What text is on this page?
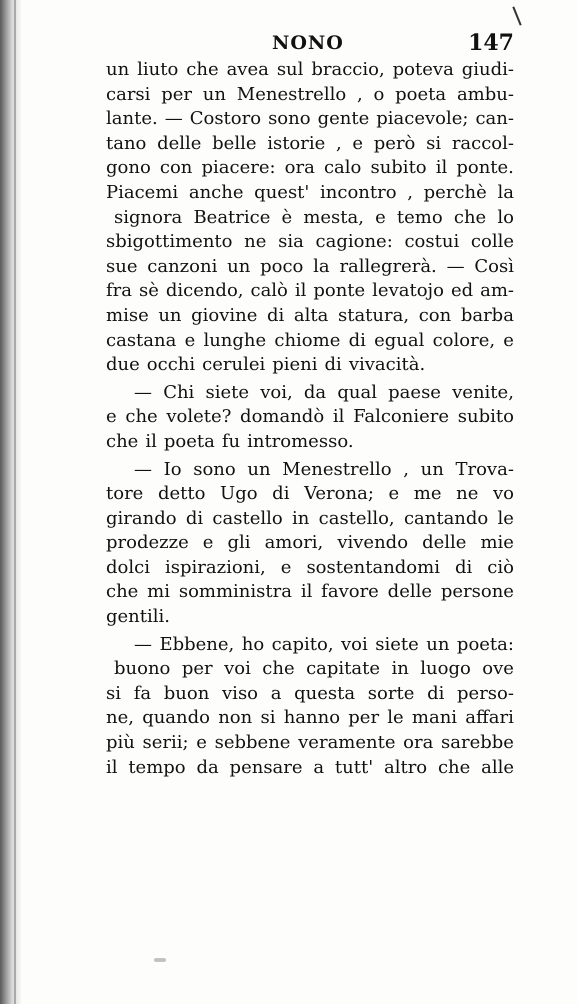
NONO	147
un liuto che avea sul braccio, poteva giudi-
carsi per un Menestrello , o poeta ambu-
lante. — Costoro sono gente piacevole; can-
tano delle belle istorie , e però si raccol-
gono con piacere: ora calo subito il ponte.
Piacemi anche quest' incontro , perchè la
signora Beatrice è mesta, e temo che lo
sbigottimento ne sia cagione: costui colle
sue canzoni un poco la rallegrerà. — Così
fra sè dicendo, calò il ponte levatojo ed am-
mise un giovine di alta statura, con barba
castana e lunghe chiome di egual colore, e
due occhi cerulei pieni di vivacità.
— Chi siete voi, da qual paese venite,
e che volete? domandò il Falconiere subito
che il poeta fu intromesso.
— Io sono un Menestrello , un Trova-
tore detto Ugo di Verona; e me ne vo
girando di castello in castello, cantando le
prodezze e gli amori, vivendo delle mie
dolci ispirazioni, e sostentandomi di ciò
che mi somministra il favore delle persone
gentili.
— Ebbene, ho capito, voi siete un poeta:
buono per voi che capitate in luogo ove
si fa buon viso a questa sorte di perso-
ne, quando non si hanno per le mani affari
più serii; e sebbene veramente ora sarebbe
il tempo da pensare a tutt' altro che alle
